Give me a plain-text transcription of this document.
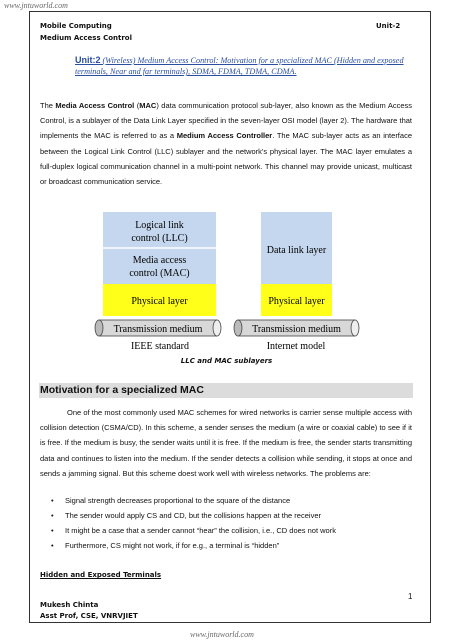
www.jntuworld.com
www.jntuworld.com
Mobile Computing
Medium Access Control
Unit-2
Unit:2 (Wireless) Medium Access Control: Motivation for a specialized MAC (Hidden and exposed terminals, Near and far terminals), SDMA, FDMA, TDMA, CDMA.
The Media Access Control (MAC) data communication protocol sub-layer, also known as the Medium Access Control, is a sublayer of the Data Link Layer specified in the seven-layer OSI model (layer 2). The hardware that implements the MAC is referred to as a Medium Access Controller. The MAC sub-layer acts as an interface between the Logical Link Control (LLC) sublayer and the network's physical layer. The MAC layer emulates a full-duplex logical communication channel in a multi-point network. This channel may provide unicast, multicast or broadcast communication service.
Logical link
control (LLC)
Media access
control (MAC)
Physical layer
Data link layer
Physical layer
Transmission medium	Transmission medium
IEEE standard	Internet model
LLC and MAC sublayers
Motivation for a specialized MAC
One of the most commonly used MAC schemes for wired networks is carrier sense multiple access with collision detection (CSMA/CD). In this scheme, a sender senses the medium (a wire or coaxial cable) to see if it is free. If the medium is busy, the sender waits until it is free. If the medium is free, the sender starts transmitting data and continues to listen into the medium. If the sender detects a collision while sending, it stops at once and sends a jamming signal. But this scheme doest work well with wireless networks. The problems are:
• Signal strength decreases proportional to the square of the distance
• The sender would apply CS and CD, but the collisions happen at the receiver
• It might be a case that a sender cannot “hear” the collision, i.e., CD does not work
• Furthermore, CS might not work, if for e.g., a terminal is “hidden”
Hidden and Exposed Terminals
1
Mukesh Chinta
Asst Prof, CSE, VNRVJIET
